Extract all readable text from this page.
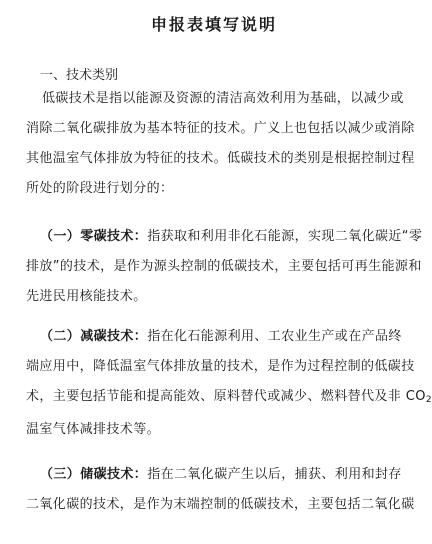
申报表填写说明
一、技术类别
低碳技术是指以能源及资源的清洁高效利用为基础，以减少或
消除二氧化碳排放为基本特征的技术。广义上也包括以减少或消除
其他温室气体排放为特征的技术。低碳技术的类别是根据控制过程
所处的阶段进行划分的：
（一）零碳技术：指获取和利用非化石能源，实现二氧化碳近“零
排放”的技术，是作为源头控制的低碳技术，主要包括可再生能源和
先进民用核能技术。
（二）减碳技术：指在化石能源利用、工农业生产或在产品终
端应用中，降低温室气体排放量的技术，是作为过程控制的低碳技
术，主要包括节能和提高能效、原料替代或减少、燃料替代及非 $CO_2$
温室气体减排技术等。
（三）储碳技术：指在二氧化碳产生以后，捕获、利用和封存
二氧化碳的技术，是作为末端控制的低碳技术，主要包括二氧化碳
